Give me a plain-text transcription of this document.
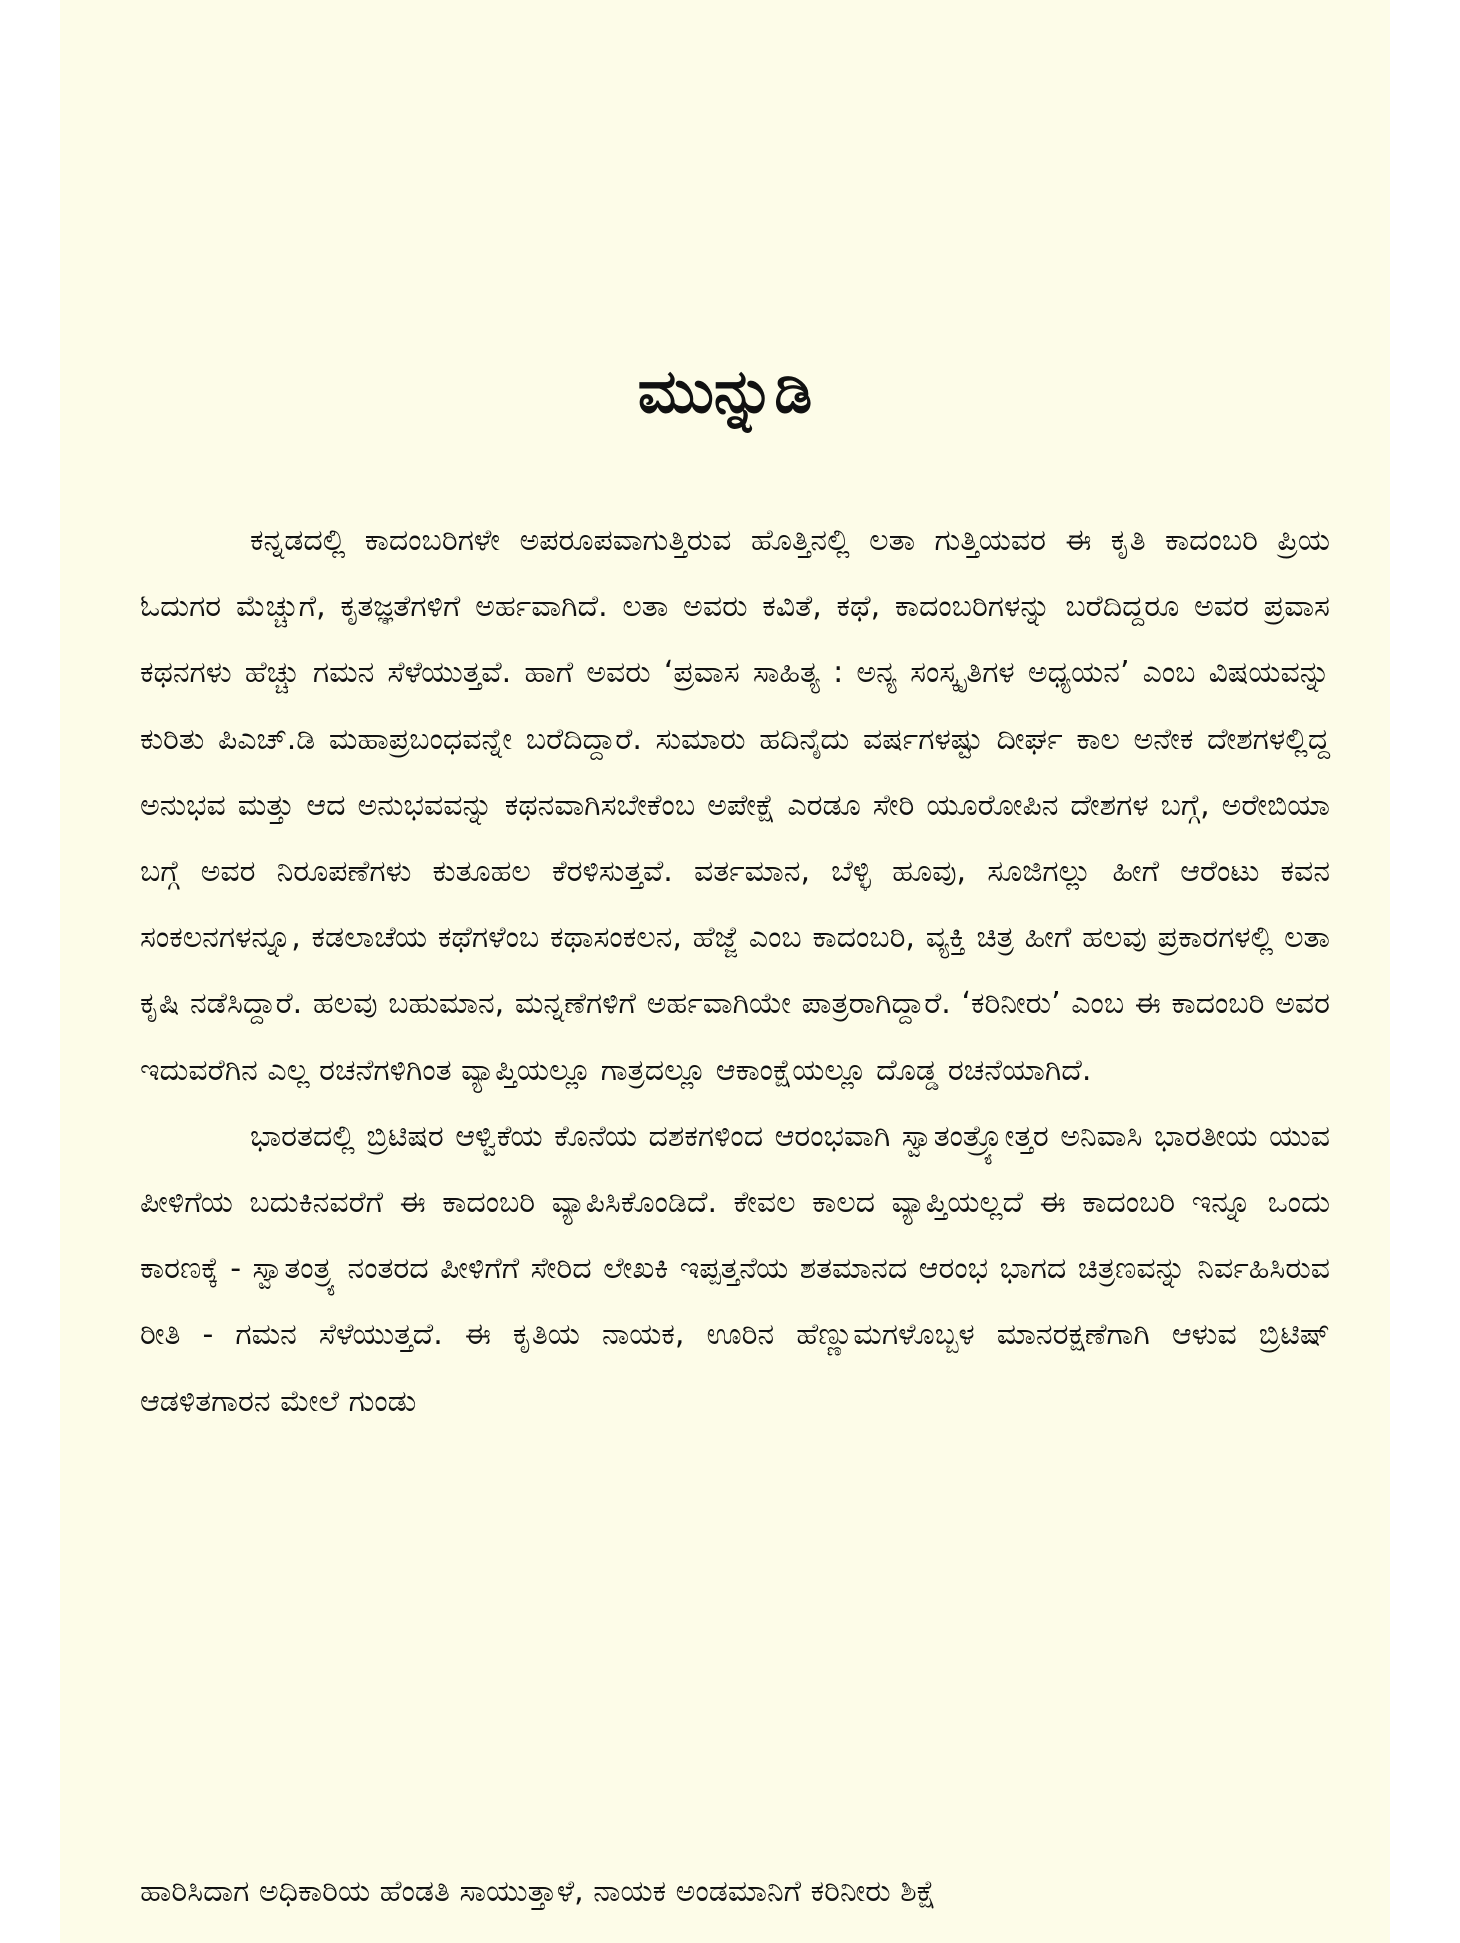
ಮುನ್ನುಡಿ

ಕನ್ನಡದಲ್ಲಿ ಕಾದಂಬರಿಗಳೇ ಅಪರೂಪವಾಗುತ್ತಿರುವ ಹೊತ್ತಿನಲ್ಲಿ ಲತಾ ಗುತ್ತಿಯವರ ಈ ಕೃತಿ ಕಾದಂಬರಿ ಪ್ರಿಯ ಓದುಗರ ಮೆಚ್ಚುಗೆ, ಕೃತಜ್ಞತೆಗಳಿಗೆ ಅರ್ಹವಾಗಿದೆ. ಲತಾ ಅವರು ಕವಿತೆ, ಕಥೆ, ಕಾದಂಬರಿಗಳನ್ನು ಬರೆದಿದ್ದರೂ ಅವರ ಪ್ರವಾಸ ಕಥನಗಳು ಹೆಚ್ಚು ಗಮನ ಸೆಳೆಯುತ್ತವೆ. ಹಾಗೆ ಅವರು ‘ಪ್ರವಾಸ ಸಾಹಿತ್ಯ : ಅನ್ಯ ಸಂಸ್ಕೃತಿಗಳ ಅಧ್ಯಯನ’ ಎಂಬ ವಿಷಯವನ್ನು ಕುರಿತು ಪಿಎಚ್.ಡಿ ಮಹಾಪ್ರಬಂಧವನ್ನೇ ಬರೆದಿದ್ದಾರೆ. ಸುಮಾರು ಹದಿನೈದು ವರ್ಷಗಳಷ್ಟು ದೀರ್ಘ ಕಾಲ ಅನೇಕ ದೇಶಗಳಲ್ಲಿದ್ದ ಅನುಭವ ಮತ್ತು ಆದ ಅನುಭವವನ್ನು ಕಥನವಾಗಿಸಬೇಕೆಂಬ ಅಪೇಕ್ಷೆ ಎರಡೂ ಸೇರಿ ಯೂರೋಪಿನ ದೇಶಗಳ ಬಗ್ಗೆ, ಅರೇಬಿಯಾ ಬಗ್ಗೆ ಅವರ ನಿರೂಪಣೆಗಳು ಕುತೂಹಲ ಕೆರಳಿಸುತ್ತವೆ. ವರ್ತಮಾನ, ಬೆಳ್ಳಿ ಹೂವು, ಸೂಜಿಗಲ್ಲು ಹೀಗೆ ಆರೆಂಟು ಕವನ ಸಂಕಲನಗಳನ್ನೂ, ಕಡಲಾಚೆಯ ಕಥೆಗಳೆಂಬ ಕಥಾಸಂಕಲನ, ಹೆಜ್ಜೆ ಎಂಬ ಕಾದಂಬರಿ, ವ್ಯಕ್ತಿ ಚಿತ್ರ ಹೀಗೆ ಹಲವು ಪ್ರಕಾರಗಳಲ್ಲಿ ಲತಾ ಕೃಷಿ ನಡೆಸಿದ್ದಾರೆ. ಹಲವು ಬಹುಮಾನ, ಮನ್ನಣೆಗಳಿಗೆ ಅರ್ಹವಾಗಿಯೇ ಪಾತ್ರರಾಗಿದ್ದಾರೆ. ‘ಕರಿನೀರು’ ಎಂಬ ಈ ಕಾದಂಬರಿ ಅವರ ಇದುವರೆಗಿನ ಎಲ್ಲ ರಚನೆಗಳಿಗಿಂತ ವ್ಯಾಪ್ತಿಯಲ್ಲೂ ಗಾತ್ರದಲ್ಲೂ ಆಕಾಂಕ್ಷೆಯಲ್ಲೂ ದೊಡ್ಡ ರಚನೆಯಾಗಿದೆ.

ಭಾರತದಲ್ಲಿ ಬ್ರಿಟಿಷರ ಆಳ್ವಿಕೆಯ ಕೊನೆಯ ದಶಕಗಳಿಂದ ಆರಂಭವಾಗಿ ಸ್ವಾತಂತ್ರ್ಯೋತ್ತರ ಅನಿವಾಸಿ ಭಾರತೀಯ ಯುವ ಪೀಳಿಗೆಯ ಬದುಕಿನವರೆಗೆ ಈ ಕಾದಂಬರಿ ವ್ಯಾಪಿಸಿಕೊಂಡಿದೆ. ಕೇವಲ ಕಾಲದ ವ್ಯಾಪ್ತಿಯಲ್ಲದೆ ಈ ಕಾದಂಬರಿ ಇನ್ನೂ ಒಂದು ಕಾರಣಕ್ಕೆ - ಸ್ವಾತಂತ್ರ್ಯ ನಂತರದ ಪೀಳಿಗೆಗೆ ಸೇರಿದ ಲೇಖಕಿ ಇಪ್ಪತ್ತನೆಯ ಶತಮಾನದ ಆರಂಭ ಭಾಗದ ಚಿತ್ರಣವನ್ನು ನಿರ್ವಹಿಸಿರುವ ರೀತಿ - ಗಮನ ಸೆಳೆಯುತ್ತದೆ. ಈ ಕೃತಿಯ ನಾಯಕ, ಊರಿನ ಹೆಣ್ಣುಮಗಳೊಬ್ಬಳ ಮಾನರಕ್ಷಣೆಗಾಗಿ ಆಳುವ ಬ್ರಿಟಿಷ್ ಆಡಳಿತಗಾರನ ಮೇಲೆ ಗುಂಡು

ಹಾರಿಸಿದಾಗ ಅಧಿಕಾರಿಯ ಹೆಂಡತಿ ಸಾಯುತ್ತಾಳೆ, ನಾಯಕ ಅಂಡಮಾನಿಗೆ ಕರಿನೀರು ಶಿಕ್ಷೆ
